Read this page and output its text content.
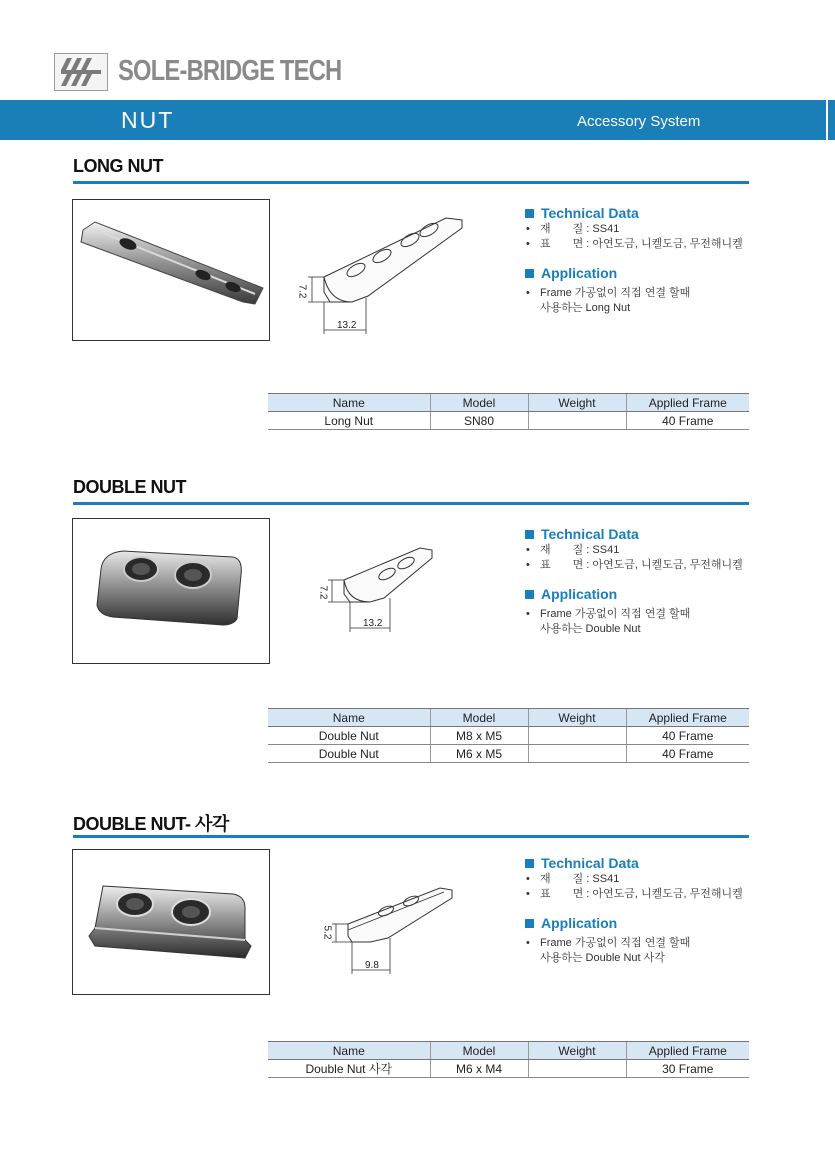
SOLE-BRIDGE TECH
NUT	Accessory System
LONG NUT
7.2
13.2
Technical Data
• 재　　질 : SS41
• 표　　면 : 아연도금, 니켈도금, 무전해니켈
Application
• Frame 가공없이 직접 연결 할때
사용하는 Long Nut
Name	Model	Weight	Applied Frame
Long Nut	SN80		40 Frame
DOUBLE NUT
7.2
13.2
Technical Data
• 재　　질 : SS41
• 표　　면 : 아연도금, 니켈도금, 무전해니켈
Application
• Frame 가공없이 직접 연결 할때
사용하는 Double Nut
Name	Model	Weight	Applied Frame
Double Nut	M8 x M5		40 Frame
Double Nut	M6 x M5		40 Frame
DOUBLE NUT- 사각
5.2
9.8
Technical Data
• 재　　질 : SS41
• 표　　면 : 아연도금, 니켈도금, 무전해니켈
Application
• Frame 가공없이 직접 연결 할때
사용하는 Double Nut 사각
Name	Model	Weight	Applied Frame
Double Nut 사각	M6 x M4		30 Frame
